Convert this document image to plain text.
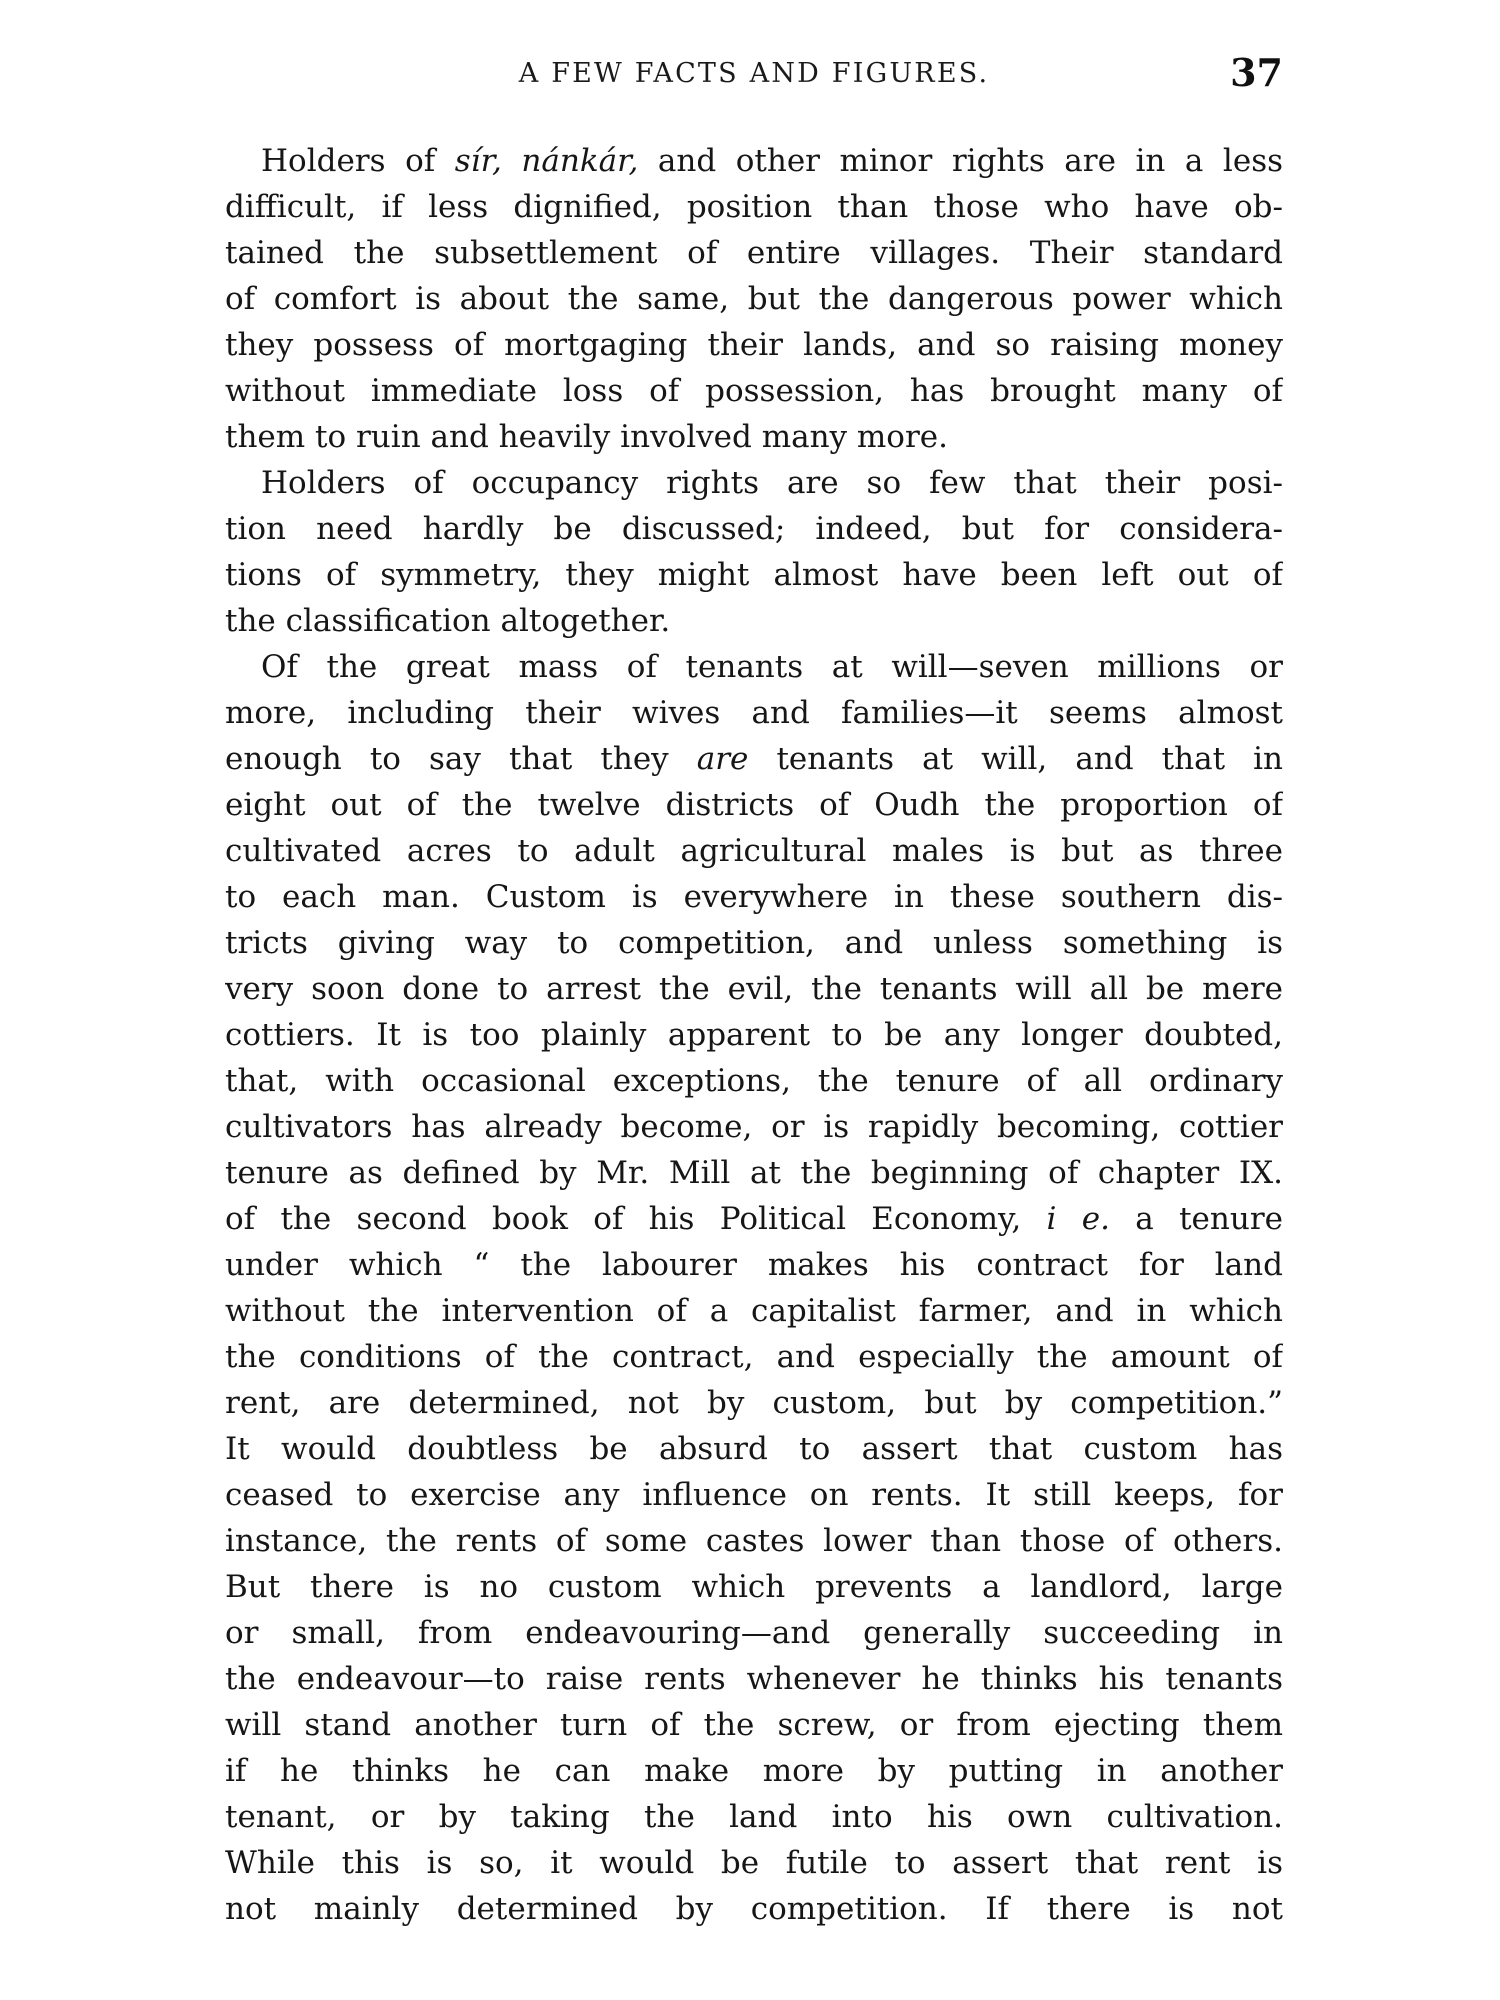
A FEW FACTS AND FIGURES.	37
Holders of sír, nánkár, and other minor rights are in a less
difficult, if less dignified, position than those who have ob-
tained the subsettlement of entire villages. Their standard
of comfort is about the same, but the dangerous power which
they possess of mortgaging their lands, and so raising money
without immediate loss of possession, has brought many of
them to ruin and heavily involved many more.
Holders of occupancy rights are so few that their posi-
tion need hardly be discussed; indeed, but for considera-
tions of symmetry, they might almost have been left out of
the classification altogether.
Of the great mass of tenants at will—seven millions or
more, including their wives and families—it seems almost
enough to say that they are tenants at will, and that in
eight out of the twelve districts of Oudh the proportion of
cultivated acres to adult agricultural males is but as three
to each man. Custom is everywhere in these southern dis-
tricts giving way to competition, and unless something is
very soon done to arrest the evil, the tenants will all be mere
cottiers. It is too plainly apparent to be any longer doubted,
that, with occasional exceptions, the tenure of all ordinary
cultivators has already become, or is rapidly becoming, cottier
tenure as defined by Mr. Mill at the beginning of chapter IX.
of the second book of his Political Economy, i e. a tenure
under which “ the labourer makes his contract for land
without the intervention of a capitalist farmer, and in which
the conditions of the contract, and especially the amount of
rent, are determined, not by custom, but by competition.”
It would doubtless be absurd to assert that custom has
ceased to exercise any influence on rents. It still keeps, for
instance, the rents of some castes lower than those of others.
But there is no custom which prevents a landlord, large
or small, from endeavouring—and generally succeeding in
the endeavour—to raise rents whenever he thinks his tenants
will stand another turn of the screw, or from ejecting them
if he thinks he can make more by putting in another
tenant, or by taking the land into his own cultivation.
While this is so, it would be futile to assert that rent is
not mainly determined by competition. If there is not
